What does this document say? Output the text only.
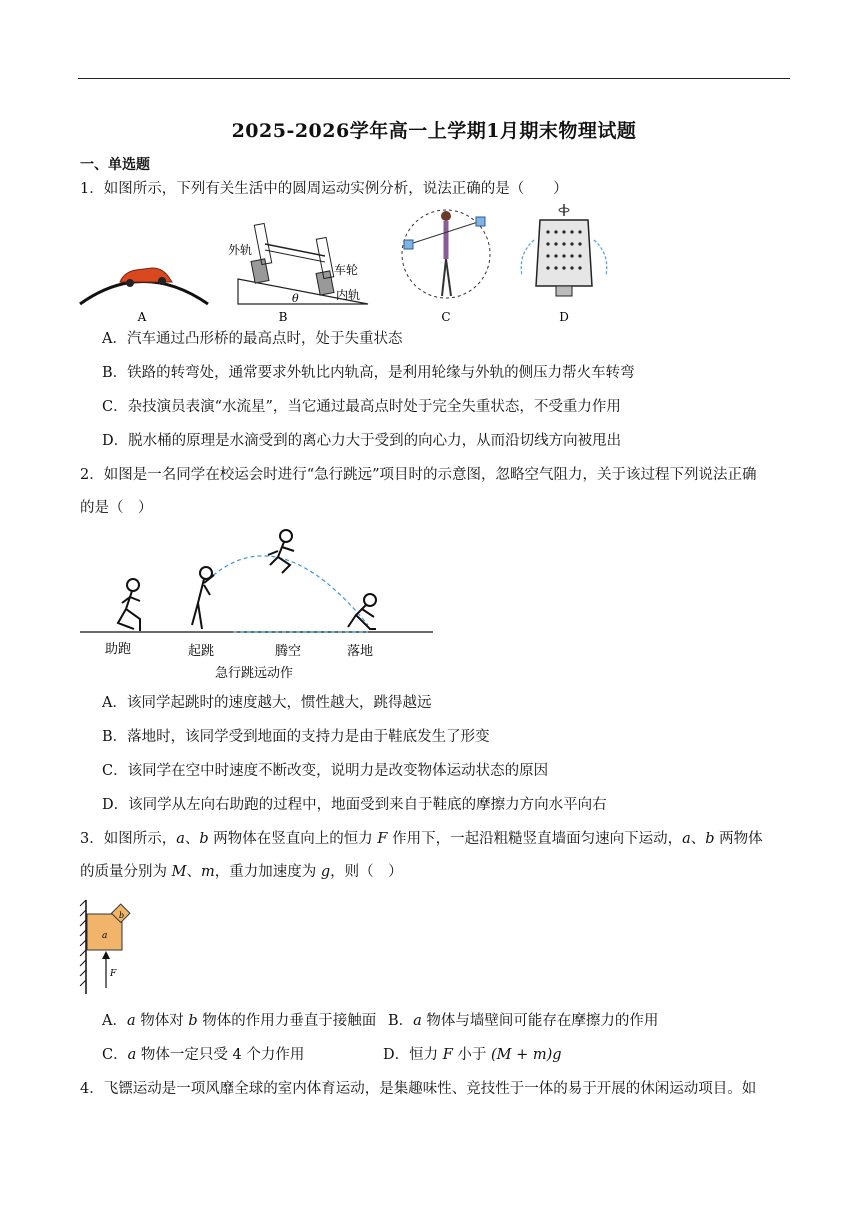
2025-2026学年高一上学期1月期末物理试题
一、单选题
1．如图所示，下列有关生活中的圆周运动实例分析，说法正确的是（　　）
A
外轨
车轮
内轨
θ
B	C	D
A．汽车通过凸形桥的最高点时，处于失重状态
B．铁路的转弯处，通常要求外轨比内轨高，是利用轮缘与外轨的侧压力帮火车转弯
C．杂技演员表演“水流星”，当它通过最高点时处于完全失重状态，不受重力作用
D．脱水桶的原理是水滴受到的离心力大于受到的向心力，从而沿切线方向被甩出
2．如图是一名同学在校运会时进行“急行跳远”项目时的示意图，忽略空气阻力，关于该过程下列说法正确
的是（　）
助跑	起跳	腾空	落地
急行跳远动作
A．该同学起跳时的速度越大，惯性越大，跳得越远
B．落地时，该同学受到地面的支持力是由于鞋底发生了形变
C．该同学在空中时速度不断改变，说明力是改变物体运动状态的原因
D．该同学从左向右助跑的过程中，地面受到来自于鞋底的摩擦力方向水平向右
3．如图所示，a、b 两物体在竖直向上的恒力 F 作用下，一起沿粗糙竖直墙面匀速向下运动，a、b 两物体
的质量分别为 M、m，重力加速度为 g，则（　）
a
b
F
A．a 物体对 b 物体的作用力垂直于接触面 B．a 物体与墙壁间可能存在摩擦力的作用
C．a 物体一定只受 4 个力作用	D．恒力 F 小于 (M + m)g
4．飞镖运动是一项风靡全球的室内体育运动，是集趣味性、竞技性于一体的易于开展的休闲运动项目。如
